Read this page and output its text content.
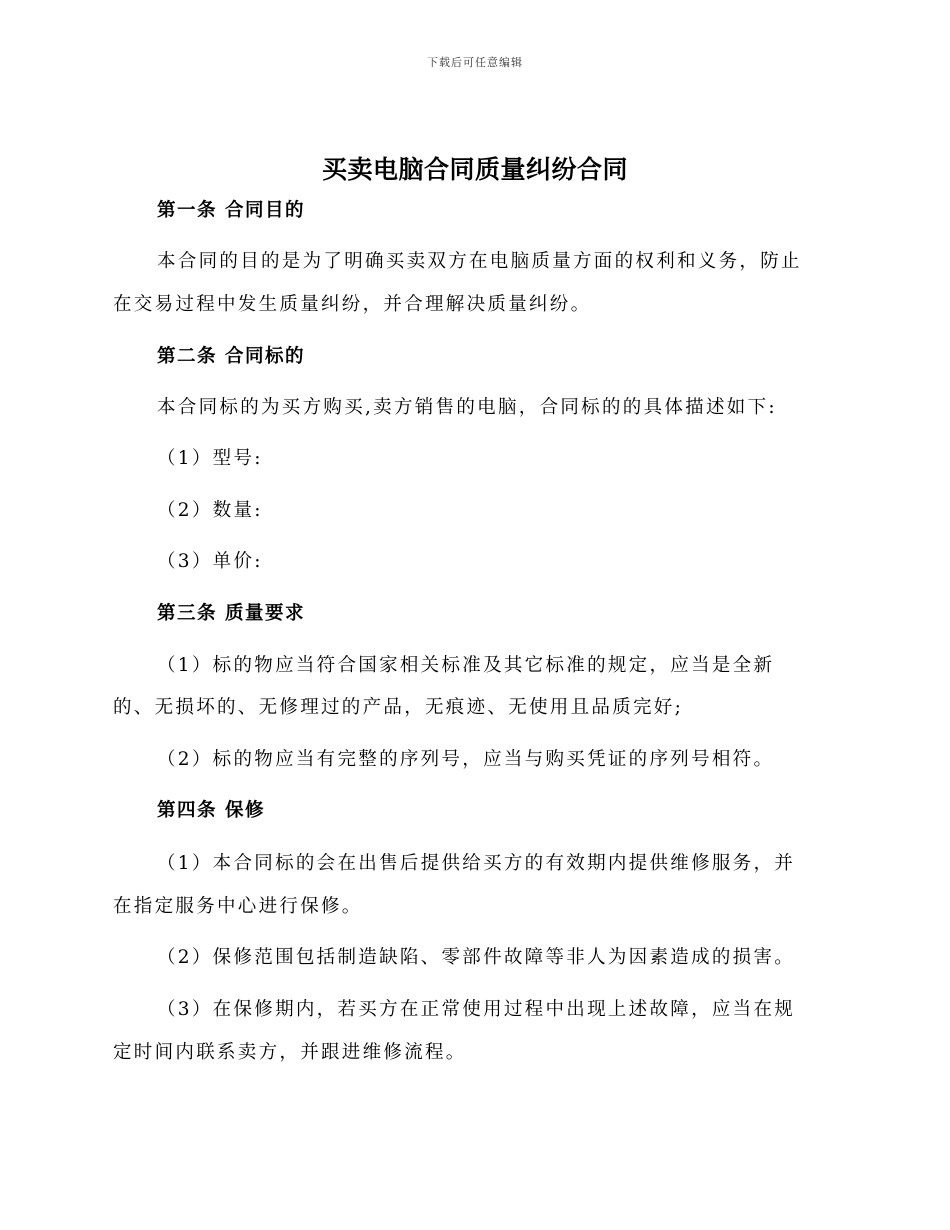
下载后可任意编辑
买卖电脑合同质量纠纷合同
第一条 合同目的
本合同的目的是为了明确买卖双方在电脑质量方面的权利和义务，防止
在交易过程中发生质量纠纷，并合理解决质量纠纷。
第二条 合同标的
本合同标的为买方购买,卖方销售的电脑，合同标的的具体描述如下:
（1）型号:
（2）数量:
（3）单价:
第三条 质量要求
（1）标的物应当符合国家相关标准及其它标准的规定，应当是全新
的、无损坏的、无修理过的产品，无痕迹、无使用且品质完好;
（2）标的物应当有完整的序列号，应当与购买凭证的序列号相符。
第四条 保修
（1）本合同标的会在出售后提供给买方的有效期内提供维修服务，并
在指定服务中心进行保修。
（2）保修范围包括制造缺陷、零部件故障等非人为因素造成的损害。
（3）在保修期内，若买方在正常使用过程中出现上述故障，应当在规
定时间内联系卖方，并跟进维修流程。
